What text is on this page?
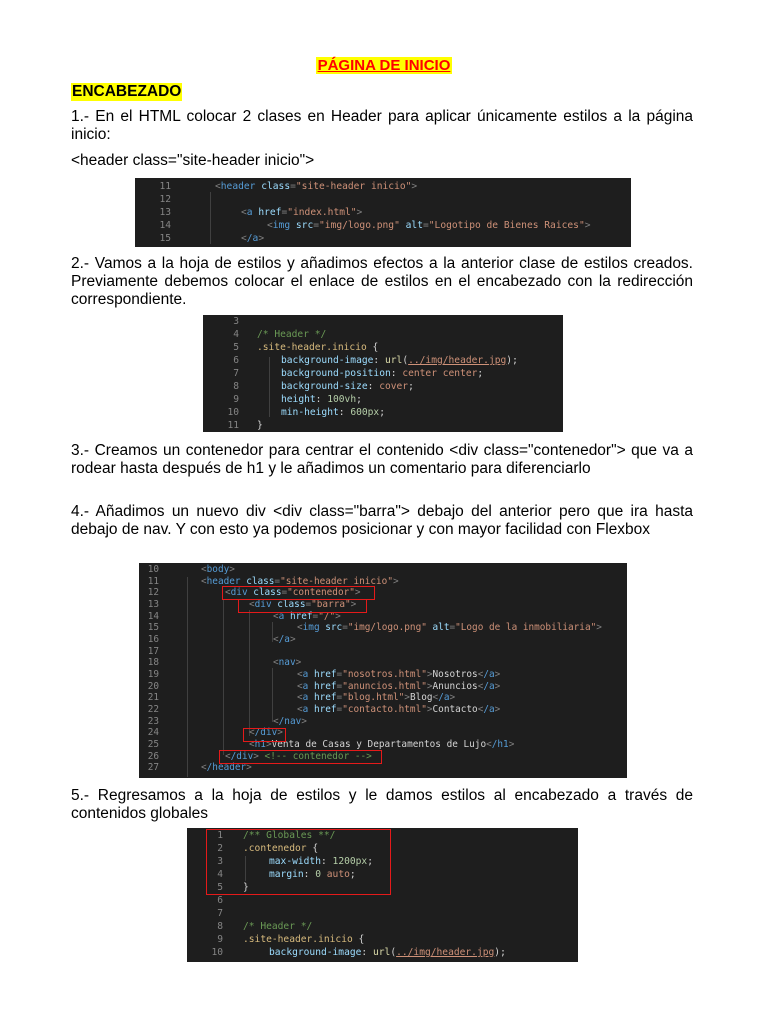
PÁGINA DE INICIO
ENCABEZADO
1.- En el HTML colocar 2 clases en Header para aplicar únicamente estilos a la página inicio:
<header class="site-header inicio">
11
12
13
14
15
<header class="site-header inicio">
<a href="index.html">
<img src="img/logo.png" alt="Logotipo de Bienes Raices">
</a>
2.- Vamos a la hoja de estilos y añadimos efectos a la anterior clase de estilos creados. Previamente debemos colocar el enlace de estilos en el encabezado con la redirección correspondiente.
3
4
5
6
7
8
9
10
11
/* Header */
.site-header.inicio {
background-image: url(../img/header.jpg);
background-position: center center;
background-size: cover;
height: 100vh;
min-height: 600px;
}
3.- Creamos un contenedor para centrar el contenido <div class="contenedor"> que va a rodear hasta después de h1 y le añadimos un comentario para diferenciarlo
4.- Añadimos un nuevo div <div class="barra"> debajo del anterior pero que ira hasta debajo de nav. Y con esto ya podemos posicionar y con mayor facilidad con Flexbox
10
11
12
13
14
15
16
17
18
19
20
21
22
23
24
25
26
27
<body>
<header class="site-header inicio">
<div class="contenedor">
<div class="barra">
<a href="/">
<img src="img/logo.png" alt="Logo de la inmobiliaria">
</a>
<nav>
<a href="nosotros.html">Nosotros</a>
<a href="anuncios.html">Anuncios</a>
<a href="blog.html">Blog</a>
<a href="contacto.html">Contacto</a>
</nav>
</div>
<h1>Venta de Casas y Departamentos de Lujo</h1>
</div> <!-- contenedor -->
</header>
5.- Regresamos a la hoja de estilos y le damos estilos al encabezado a través de contenidos globales
1
2
3
4
5
6
7
8
9
10
/** Globales **/
.contenedor {
max-width: 1200px;
margin: 0 auto;
}
/* Header */
.site-header.inicio {
background-image: url(../img/header.jpg);
